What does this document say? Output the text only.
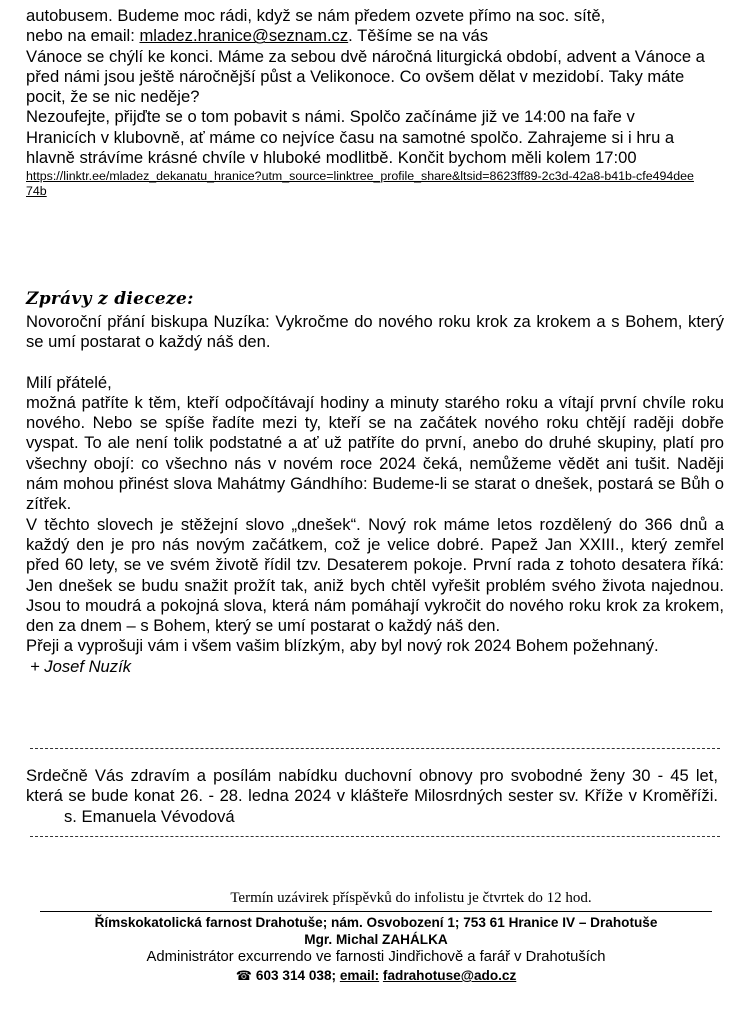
autobusem. Budeme moc rádi, když se nám předem ozvete přímo na soc. sítě,

nebo na email: mladez.hranice@seznam.cz. Těšíme se na vás

Vánoce se chýlí ke konci. Máme za sebou dvě náročná liturgická období, advent a Vánoce a před námi jsou ještě náročnější půst a Velikonoce. Co ovšem dělat v mezidobí. Taky máte pocit, že se nic neděje?

Nezoufejte, přijďte se o tom pobavit s námi. Spolčo začínáme již ve 14:00 na faře v Hranicích v klubovně, ať máme co nejvíce času na samotné spolčo. Zahrajeme si i hru a hlavně strávíme krásné chvíle v hluboké modlitbě. Končit bychom měli kolem 17:00

https://linktr.ee/mladez_dekanatu_hranice?utm_source=linktree_profile_share&ltsid=8623ff89-2c3d-42a8-b41b-cfe494dee74b

Zprávy z dieceze:

Novoroční přání biskupa Nuzíka: Vykročme do nového roku krok za krokem a s Bohem, který se umí postarat o každý náš den.

Milí přátelé,

možná patříte k těm, kteří odpočítávají hodiny a minuty starého roku a vítají první chvíle roku nového. Nebo se spíše řadíte mezi ty, kteří se na začátek nového roku chtějí raději dobře vyspat. To ale není tolik podstatné a ať už patříte do první, anebo do druhé skupiny, platí pro všechny obojí: co všechno nás v novém roce 2024 čeká, nemůžeme vědět ani tušit. Naději nám mohou přinést slova Mahátmy Gándhího: Budeme-li se starat o dnešek, postará se Bůh o zítřek.

V těchto slovech je stěžejní slovo „dnešek“. Nový rok máme letos rozdělený do 366 dnů a každý den je pro nás novým začátkem, což je velice dobré. Papež Jan XXIII., který zemřel před 60 lety, se ve svém životě řídil tzv. Desaterem pokoje. První rada z tohoto desatera říká: Jen dnešek se budu snažit prožít tak, aniž bych chtěl vyřešit problém svého života najednou. Jsou to moudrá a pokojná slova, která nám pomáhají vykročit do nového roku krok za krokem, den za dnem – s Bohem, který se umí postarat o každý náš den.

Přeji a vyprošuji vám i všem vašim blízkým, aby byl nový rok 2024 Bohem požehnaný.

+ Josef Nuzík

Srdečně Vás zdravím a posílám nabídku duchovní obnovy pro svobodné ženy 30 - 45 let, která se bude konat 26. - 28. ledna 2024 v klášteře Milosrdných sester sv. Kříže v Kroměříži.s. Emanuela Vévodová

Termín uzávirek příspěvků do infolistu je čtvrtek do 12 hod.

Římskokatolická farnost Drahotuše; nám. Osvobození 1; 753 61 Hranice IV – Drahotuše

Mgr. Michal ZAHÁLKA

Administrátor excurrendo ve farnosti Jindřichově a farář v Drahotuších

☎ 603 314 038; email: fadrahotuse@ado.cz
